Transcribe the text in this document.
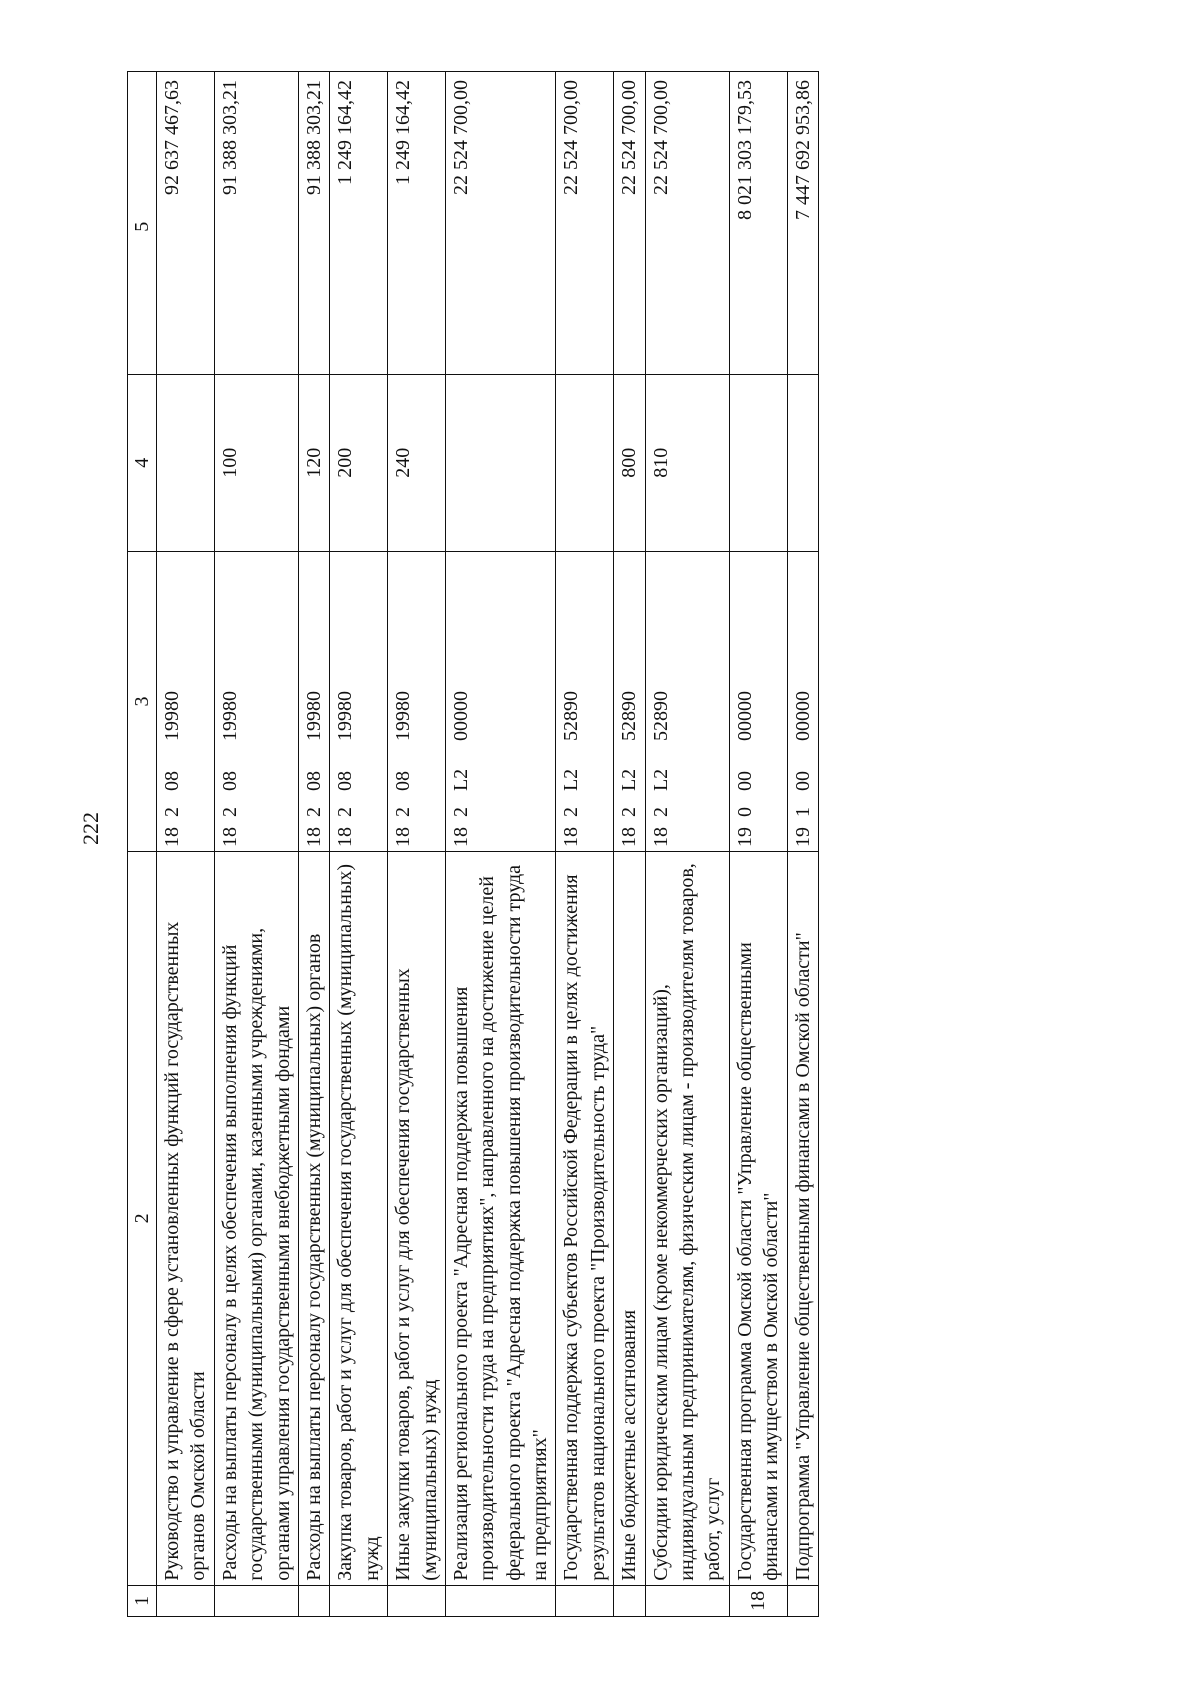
222
1	2	3	4	5
	Руководство и управление в сфере установленных функций государственных органов Омской области	1820819980		92 637 467,63
	Расходы на выплаты персоналу в целях обеспечения выполнения функций государственными (муниципальными) органами, казенными учреждениями, органами управления государственными внебюджетными фондами	1820819980	100	91 388 303,21
	Расходы на выплаты персоналу государственных (муниципальных) органов	1820819980	120	91 388 303,21
	Закупка товаров, работ и услуг для обеспечения государственных (муниципальных) нужд	1820819980	200	1 249 164,42
	Иные закупки товаров, работ и услуг для обеспечения государственных (муниципальных) нужд	1820819980	240	1 249 164,42
	Реализация регионального проекта "Адресная поддержка повышения производительности труда на предприятиях", направленного на достижение целей федерального проекта "Адресная поддержка повышения производительности труда на предприятиях"	182L200000		22 524 700,00
	Государственная поддержка субъектов Российской Федерации в целях достижения результатов национального проекта "Производительность труда"	182L252890		22 524 700,00
	Иные бюджетные ассигнования	182L252890	800	22 524 700,00
	Субсидии юридическим лицам (кроме некоммерческих организаций), индивидуальным предпринимателям, физическим лицам - производителям товаров, работ, услуг	182L252890	810	22 524 700,00
18	Государственная программа Омской области "Управление общественными финансами и имуществом в Омской области"	1900000000		8 021 303 179,53
	Подпрограмма "Управление общественными финансами в Омской области"	1910000000		7 447 692 953,86
